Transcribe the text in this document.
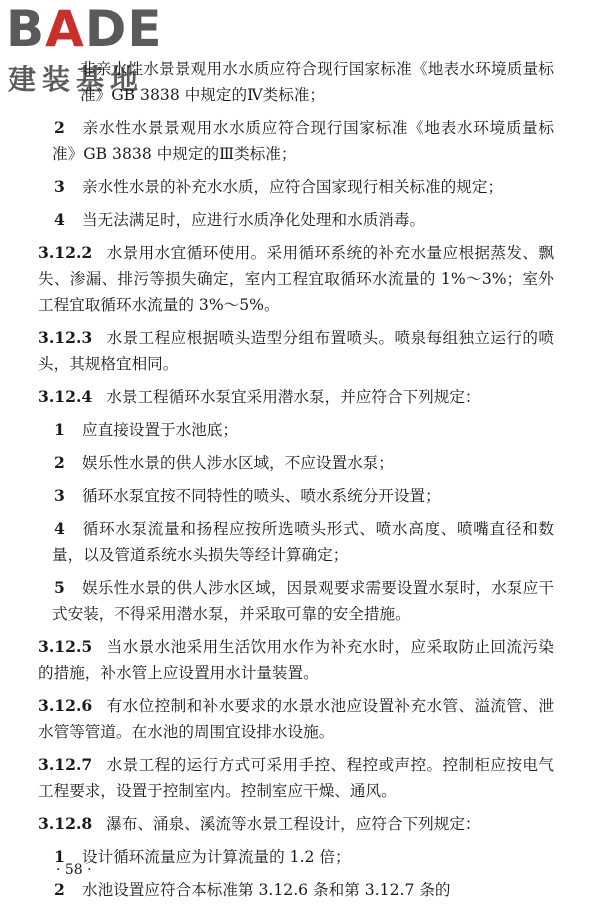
BADE
建装基地

非亲水性水景景观用水水质应符合现行国家标准《地表水环境质量标准》GB 3838 中规定的Ⅳ类标准；

2 亲水性水景景观用水水质应符合现行国家标准《地表水环境质量标准》GB 3838 中规定的Ⅲ类标准；

3 亲水性水景的补充水水质，应符合国家现行相关标准的规定；

4 当无法满足时，应进行水质净化处理和水质消毒。

3.12.2 水景用水宜循环使用。采用循环系统的补充水量应根据蒸发、飘失、渗漏、排污等损失确定，室内工程宜取循环水流量的 1%～3%；室外工程宜取循环水流量的 3%～5%。

3.12.3 水景工程应根据喷头造型分组布置喷头。喷泉每组独立运行的喷头，其规格宜相同。

3.12.4 水景工程循环水泵宜采用潜水泵，并应符合下列规定：

1 应直接设置于水池底；

2 娱乐性水景的供人涉水区域，不应设置水泵；

3 循环水泵宜按不同特性的喷头、喷水系统分开设置；

4 循环水泵流量和扬程应按所选喷头形式、喷水高度、喷嘴直径和数量，以及管道系统水头损失等经计算确定；

5 娱乐性水景的供人涉水区域，因景观要求需要设置水泵时，水泵应干式安装，不得采用潜水泵，并采取可靠的安全措施。

3.12.5 当水景水池采用生活饮用水作为补充水时，应采取防止回流污染的措施，补水管上应设置用水计量装置。

3.12.6 有水位控制和补水要求的水景水池应设置补充水管、溢流管、泄水管等管道。在水池的周围宜设排水设施。

3.12.7 水景工程的运行方式可采用手控、程控或声控。控制柜应按电气工程要求，设置于控制室内。控制室应干燥、通风。

3.12.8 瀑布、涌泉、溪流等水景工程设计，应符合下列规定：

1 设计循环流量应为计算流量的 1.2 倍；

2 水池设置应符合本标准第 3.12.6 条和第 3.12.7 条的

· 58 ·
